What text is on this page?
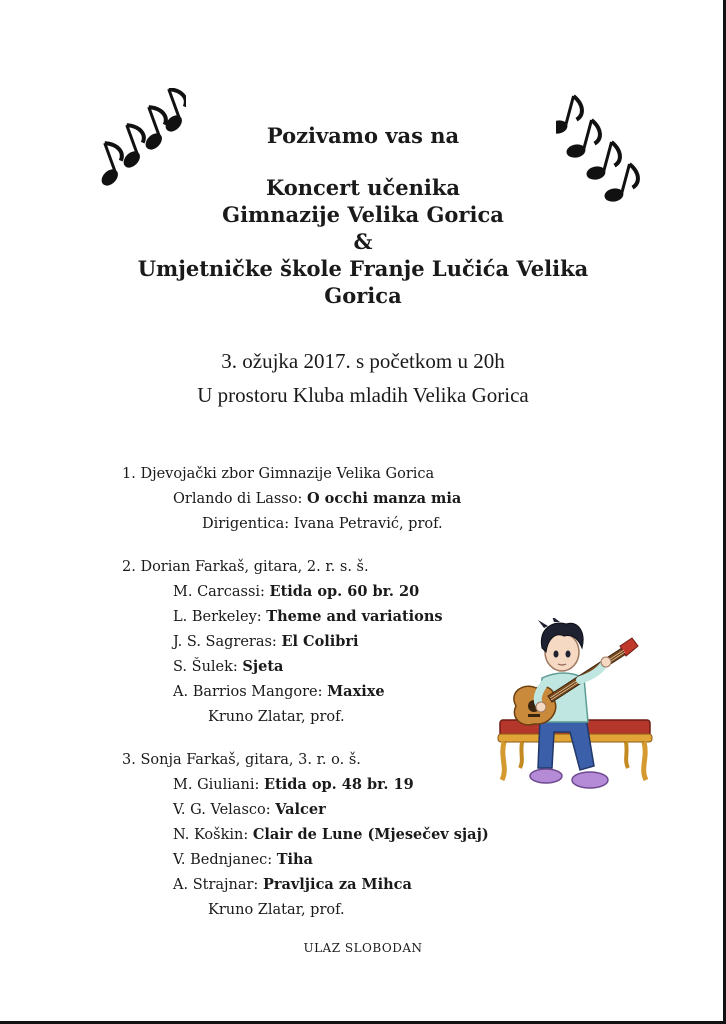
Pozivamo vas na
Koncert učenika
Gimnazije Velika Gorica
&
Umjetničke škole Franje Lučića Velika
Gorica
3. ožujka 2017. s početkom u 20h
U prostoru Kluba mladih Velika Gorica
1. Djevojački zbor Gimnazije Velika Gorica
Orlando di Lasso: O occhi manza mia
Dirigentica: Ivana Petravić, prof.
2. Dorian Farkaš, gitara, 2. r. s. š.
M. Carcassi: Etida op. 60 br. 20
L. Berkeley: Theme and variations
J. S. Sagreras: El Colibri
S. Šulek: Sjeta
A. Barrios Mangore: Maxixe
Kruno Zlatar, prof.
3. Sonja Farkaš, gitara, 3. r. o. š.
M. Giuliani: Etida op. 48 br. 19
V. G. Velasco: Valcer
N. Koškin: Clair de Lune (Mjesečev sjaj)
V. Bednjanec: Tiha
A. Strajnar: Pravljica za Mihca
Kruno Zlatar, prof.
ULAZ SLOBODAN
